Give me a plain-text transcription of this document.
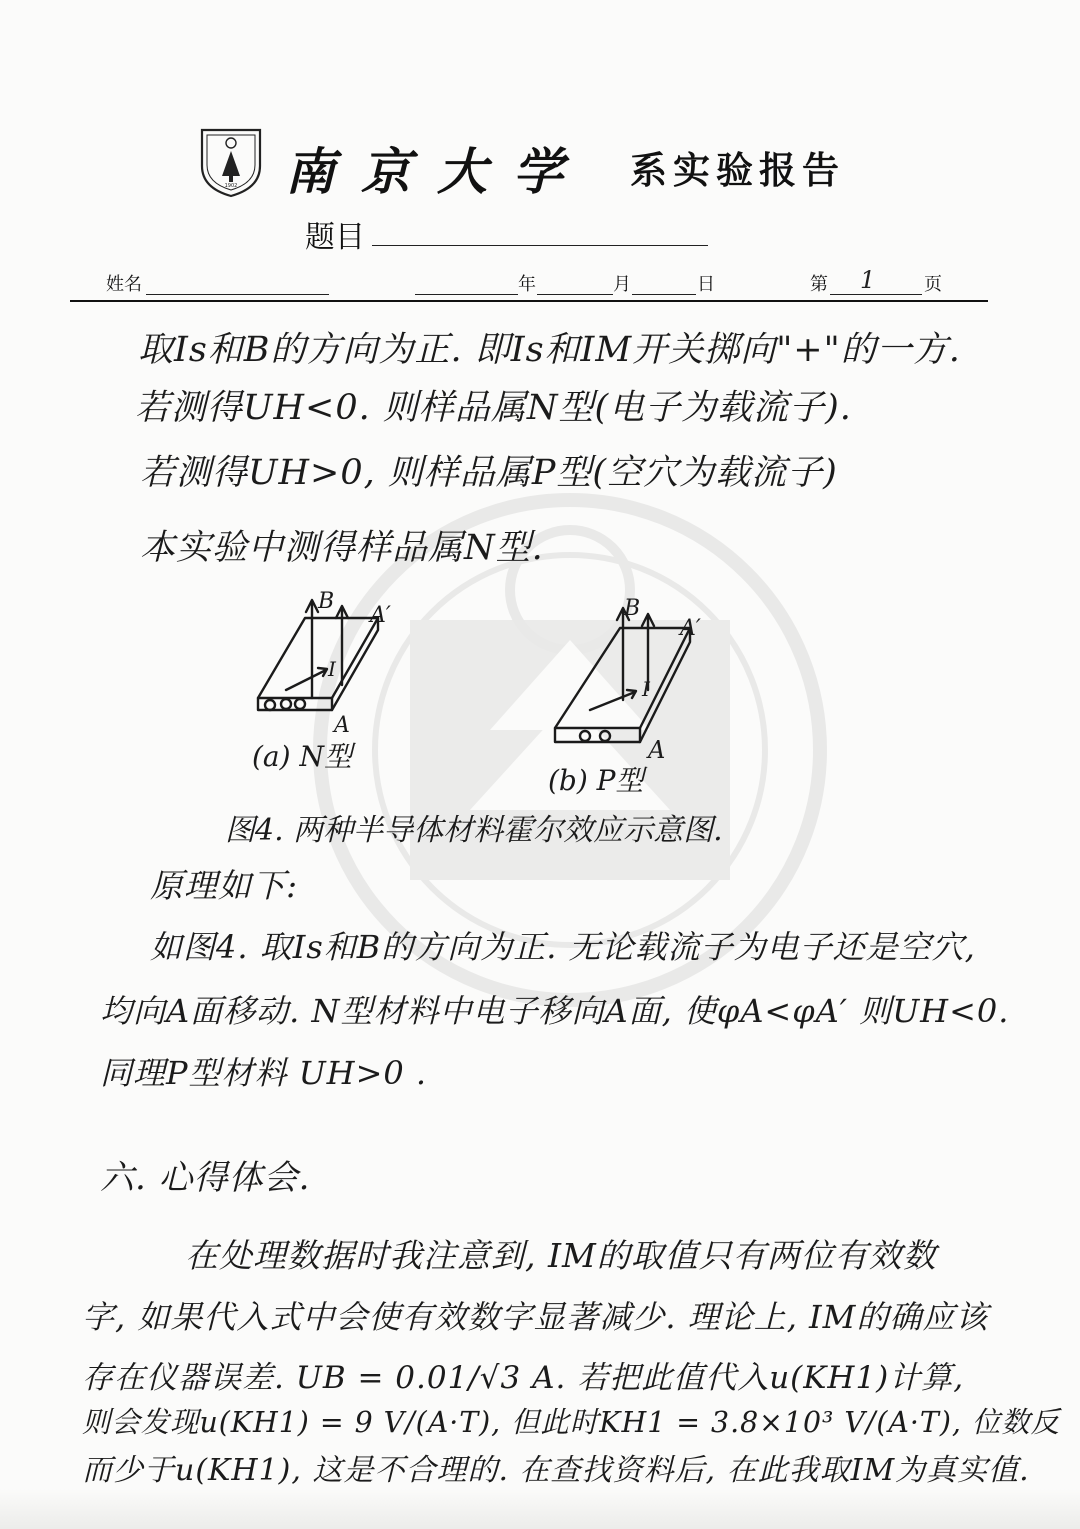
1902 南京大学 系实验报告
题目
姓名	年	月	日	第 1	页
取Is和B的方向为正. 即Is和IM开关掷向"+"的一方.
若测得UH<0. 则样品属N型(电子为载流子).
若测得UH>0, 则样品属P型(空穴为载流子)
本实验中测得样品属N型.
B
A′
I
A
(a) N型
B
A′
I
A
(b) P型
图4. 两种半导体材料霍尔效应示意图.
原理如下:
如图4. 取Is和B的方向为正. 无论载流子为电子还是空穴,
均向A面移动. N型材料中电子移向A面, 使φA<φA′ 则UH<0.
同理P型材料 UH>0 .
六. 心得体会.
在处理数据时我注意到, IM的取值只有两位有效数
字, 如果代入式中会使有效数字显著减少. 理论上, IM的确应该
存在仪器误差. UB = 0.01/√3 A. 若把此值代入u(KH1)计算,
则会发现u(KH1) = 9 V/(A·T), 但此时KH1 = 3.8×10³ V/(A·T), 位数反
而少于u(KH1), 这是不合理的. 在查找资料后, 在此我取IM为真实值.
